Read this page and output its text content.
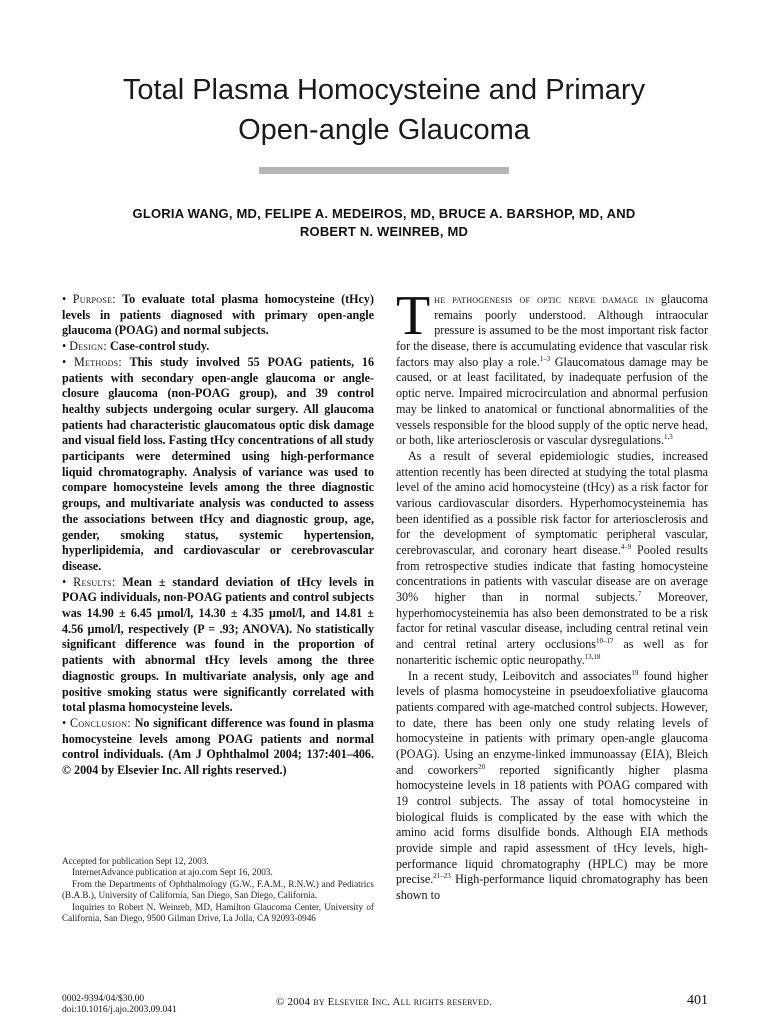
Total Plasma Homocysteine and Primary
Open-angle Glaucoma
GLORIA WANG, MD, FELIPE A. MEDEIROS, MD, BRUCE A. BARSHOP, MD, AND
ROBERT N. WEINREB, MD

• Purpose: To evaluate total plasma homocysteine (tHcy) levels in patients diagnosed with primary open-angle glaucoma (POAG) and normal subjects.

• Design: Case-control study.

• Methods: This study involved 55 POAG patients, 16 patients with secondary open-angle glaucoma or angle-closure glaucoma (non-POAG group), and 39 control healthy subjects undergoing ocular surgery. All glaucoma patients had characteristic glaucomatous optic disk damage and visual field loss. Fasting tHcy concentrations of all study participants were determined using high-performance liquid chromatography. Analysis of variance was used to compare homocysteine levels among the three diagnostic groups, and multivariate analysis was conducted to assess the associations between tHcy and diagnostic group, age, gender, smoking status, systemic hypertension, hyperlipidemia, and cardiovascular or cerebrovascular disease.

• Results: Mean ± standard deviation of tHcy levels in POAG individuals, non-POAG patients and control subjects was 14.90 ± 6.45 µmol/l, 14.30 ± 4.35 µmol/l, and 14.81 ± 4.56 µmol/l, respectively (P = .93; ANOVA). No statistically significant difference was found in the proportion of patients with abnormal tHcy levels among the three diagnostic groups. In multivariate analysis, only age and positive smoking status were significantly correlated with total plasma homocysteine levels.

• Conclusion: No significant difference was found in plasma homocysteine levels among POAG patients and normal control individuals. (Am J Ophthalmol 2004; 137:401–406. © 2004 by Elsevier Inc. All rights reserved.)

Accepted for publication Sept 12, 2003.

InternetAdvance publication at ajo.com Sept 16, 2003.

From the Departments of Ophthalmology (G.W., F.A.M., R.N.W.) and Pediatrics (B.A.B.), University of California, San Diego, San Diego, California.

Inquiries to Robert N. Weinreb, MD, Hamilton Glaucoma Center, University of California, San Diego, 9500 Gilman Drive, La Jolla, CA 92093-0946

The pathogenesis of optic nerve damage in glaucoma remains poorly understood. Although intraocular pressure is assumed to be the most important risk factor for the disease, there is accumulating evidence that vascular risk factors may also play a role.$^{1-3}$ Glaucomatous damage may be caused, or at least facilitated, by inadequate perfusion of the optic nerve. Impaired microcirculation and abnormal perfusion may be linked to anatomical or functional abnormalities of the vessels responsible for the blood supply of the optic nerve head, or both, like arteriosclerosis or vascular dysregulations.$^{1,3}$

As a result of several epidemiologic studies, increased attention recently has been directed at studying the total plasma level of the amino acid homocysteine (tHcy) as a risk factor for various cardiovascular disorders. Hyperhomocysteinemia has been identified as a possible risk factor for arteriosclerosis and for the development of symptomatic peripheral vascular, cerebrovascular, and coronary heart disease.$^{4-9}$ Pooled results from retrospective studies indicate that fasting homocysteine concentrations in patients with vascular disease are on average 30% higher than in normal subjects.$^7$ Moreover, hyperhomocysteinemia has also been demonstrated to be a risk factor for retinal vascular disease, including central retinal vein and central retinal artery occlusions$^{10-17}$ as well as for nonarteritic ischemic optic neuropathy.$^{13,18}$

In a recent study, Leibovitch and associates$^{19}$ found higher levels of plasma homocysteine in pseudoexfoliative glaucoma patients compared with age-matched control subjects. However, to date, there has been only one study relating levels of homocysteine in patients with primary open-angle glaucoma (POAG). Using an enzyme-linked immunoassay (EIA), Bleich and coworkers$^{20}$ reported significantly higher plasma homocysteine levels in 18 patients with POAG compared with 19 control subjects. The assay of total homocysteine in biological fluids is complicated by the ease with which the amino acid forms disulfide bonds. Although EIA methods provide simple and rapid assessment of tHcy levels, high-performance liquid chromatography (HPLC) may be more precise.$^{21-23}$ High-performance liquid chromatography has been shown to

0002-9394/04/$30.00
doi:10.1016/j.ajo.2003.09.041
© 2004 by Elsevier Inc. All rights reserved.	401
